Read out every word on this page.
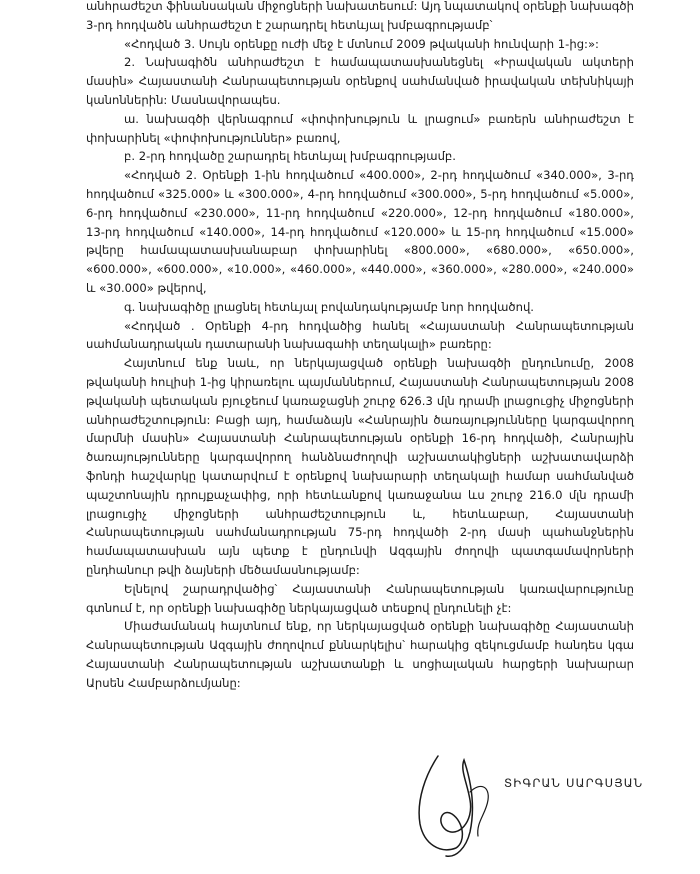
անհրաժեշտ ֆինանսական միջոցների նախատեսում: Այդ նպատակով օրենքի նախագծի 3-րդ հոդվածն անհրաժեշտ է շարադրել հետևյալ խմբագրությամբ՝

«Հոդված 3. Սույն օրենքը ուժի մեջ է մտնում 2009 թվականի հունվարի 1-ից:»:

2. Նախագիծն անհրաժեշտ է համապատասխանեցնել «Իրավական ակտերի մասին» Հայաստանի Հանրապետության օրենքով սահմանված իրավական տեխնիկայի կանոններին: Մասնավորապես.

ա. նախագծի վերնագրում «փոփոխություն և լրացում» բառերն անհրաժեշտ է փոխարինել «փոփոխություններ» բառով,

բ. 2-րդ հոդվածը շարադրել հետևյալ խմբագրությամբ.

«Հոդված 2. Օրենքի 1-ին հոդվածում «400.000», 2-րդ հոդվածում «340.000», 3-րդ հոդվածում «325.000» և «300.000», 4-րդ հոդվածում «300.000», 5-րդ հոդվածում «5.000», 6-րդ հոդվածում «230.000», 11-րդ հոդվածում «220.000», 12-րդ հոդվածում «180.000», 13-րդ հոդվածում «140.000», 14-րդ հոդվածում «120.000» և 15-րդ հոդվածում «15.000» թվերը համապատասխանաբար փոխարինել «800.000», «680.000», «650.000», «600.000», «600.000», «10.000», «460.000», «440.000», «360.000», «280.000», «240.000» և «30.000» թվերով,

գ. նախագիծը լրացնել հետևյալ բովանդակությամբ նոր հոդվածով.

«Հոդված . Օրենքի 4-րդ հոդվածից հանել «Հայաստանի Հանրապետության սահմանադրական դատարանի նախագահի տեղակալի» բառերը:

Հայտնում ենք նաև, որ ներկայացված օրենքի նախագծի ընդունումը, 2008 թվականի հուլիսի 1-ից կիրառելու պայմաններում, Հայաստանի Հանրապետության 2008 թվականի պետական բյուջեում կառաջացնի շուրջ 626.3 մլն դրամի լրացուցիչ միջոցների անհրաժեշտություն: Բացի այդ, համաձայն «Հանրային ծառայությունները կարգավորող մարմնի մասին» Հայաստանի Հանրապետության օրենքի 16-րդ հոդվածի, Հանրային ծառայությունները կարգավորող հանձնաժողովի աշխատակիցների աշխատավարձի ֆոնդի հաշվարկը կատարվում է օրենքով նախարարի տեղակալի համար սահմանված պաշտոնային դրույքաչափից, որի հետևանքով կառաջանա ևս շուրջ 216.0 մլն դրամի լրացուցիչ միջոցների անհրաժեշտություն և, հետևաբար, Հայաստանի Հանրապետության սահմանադրության 75-րդ հոդվածի 2-րդ մասի պահանջներին համապատասխան այն պետք է ընդունվի Ազգային ժողովի պատգամավորների ընդհանուր թվի ձայների մեծամասնությամբ:

Ելնելով շարադրվածից՝ Հայաստանի Հանրապետության կառավարությունը գտնում է, որ օրենքի նախագիծը ներկայացված տեսքով ընդունելի չէ:

Միաժամանակ հայտնում ենք, որ ներկայացված օրենքի նախագիծը Հայաստանի Հանրապետության Ազգային ժողովում քննարկելիս՝ հարակից զեկուցմամբ հանդես կգա Հայաստանի Հանրապետության աշխատանքի և սոցիալական հարցերի նախարար Արսեն Համբարձումյանը:

ՏԻԳՐԱՆ ՍԱՐԳՍՅԱՆ
